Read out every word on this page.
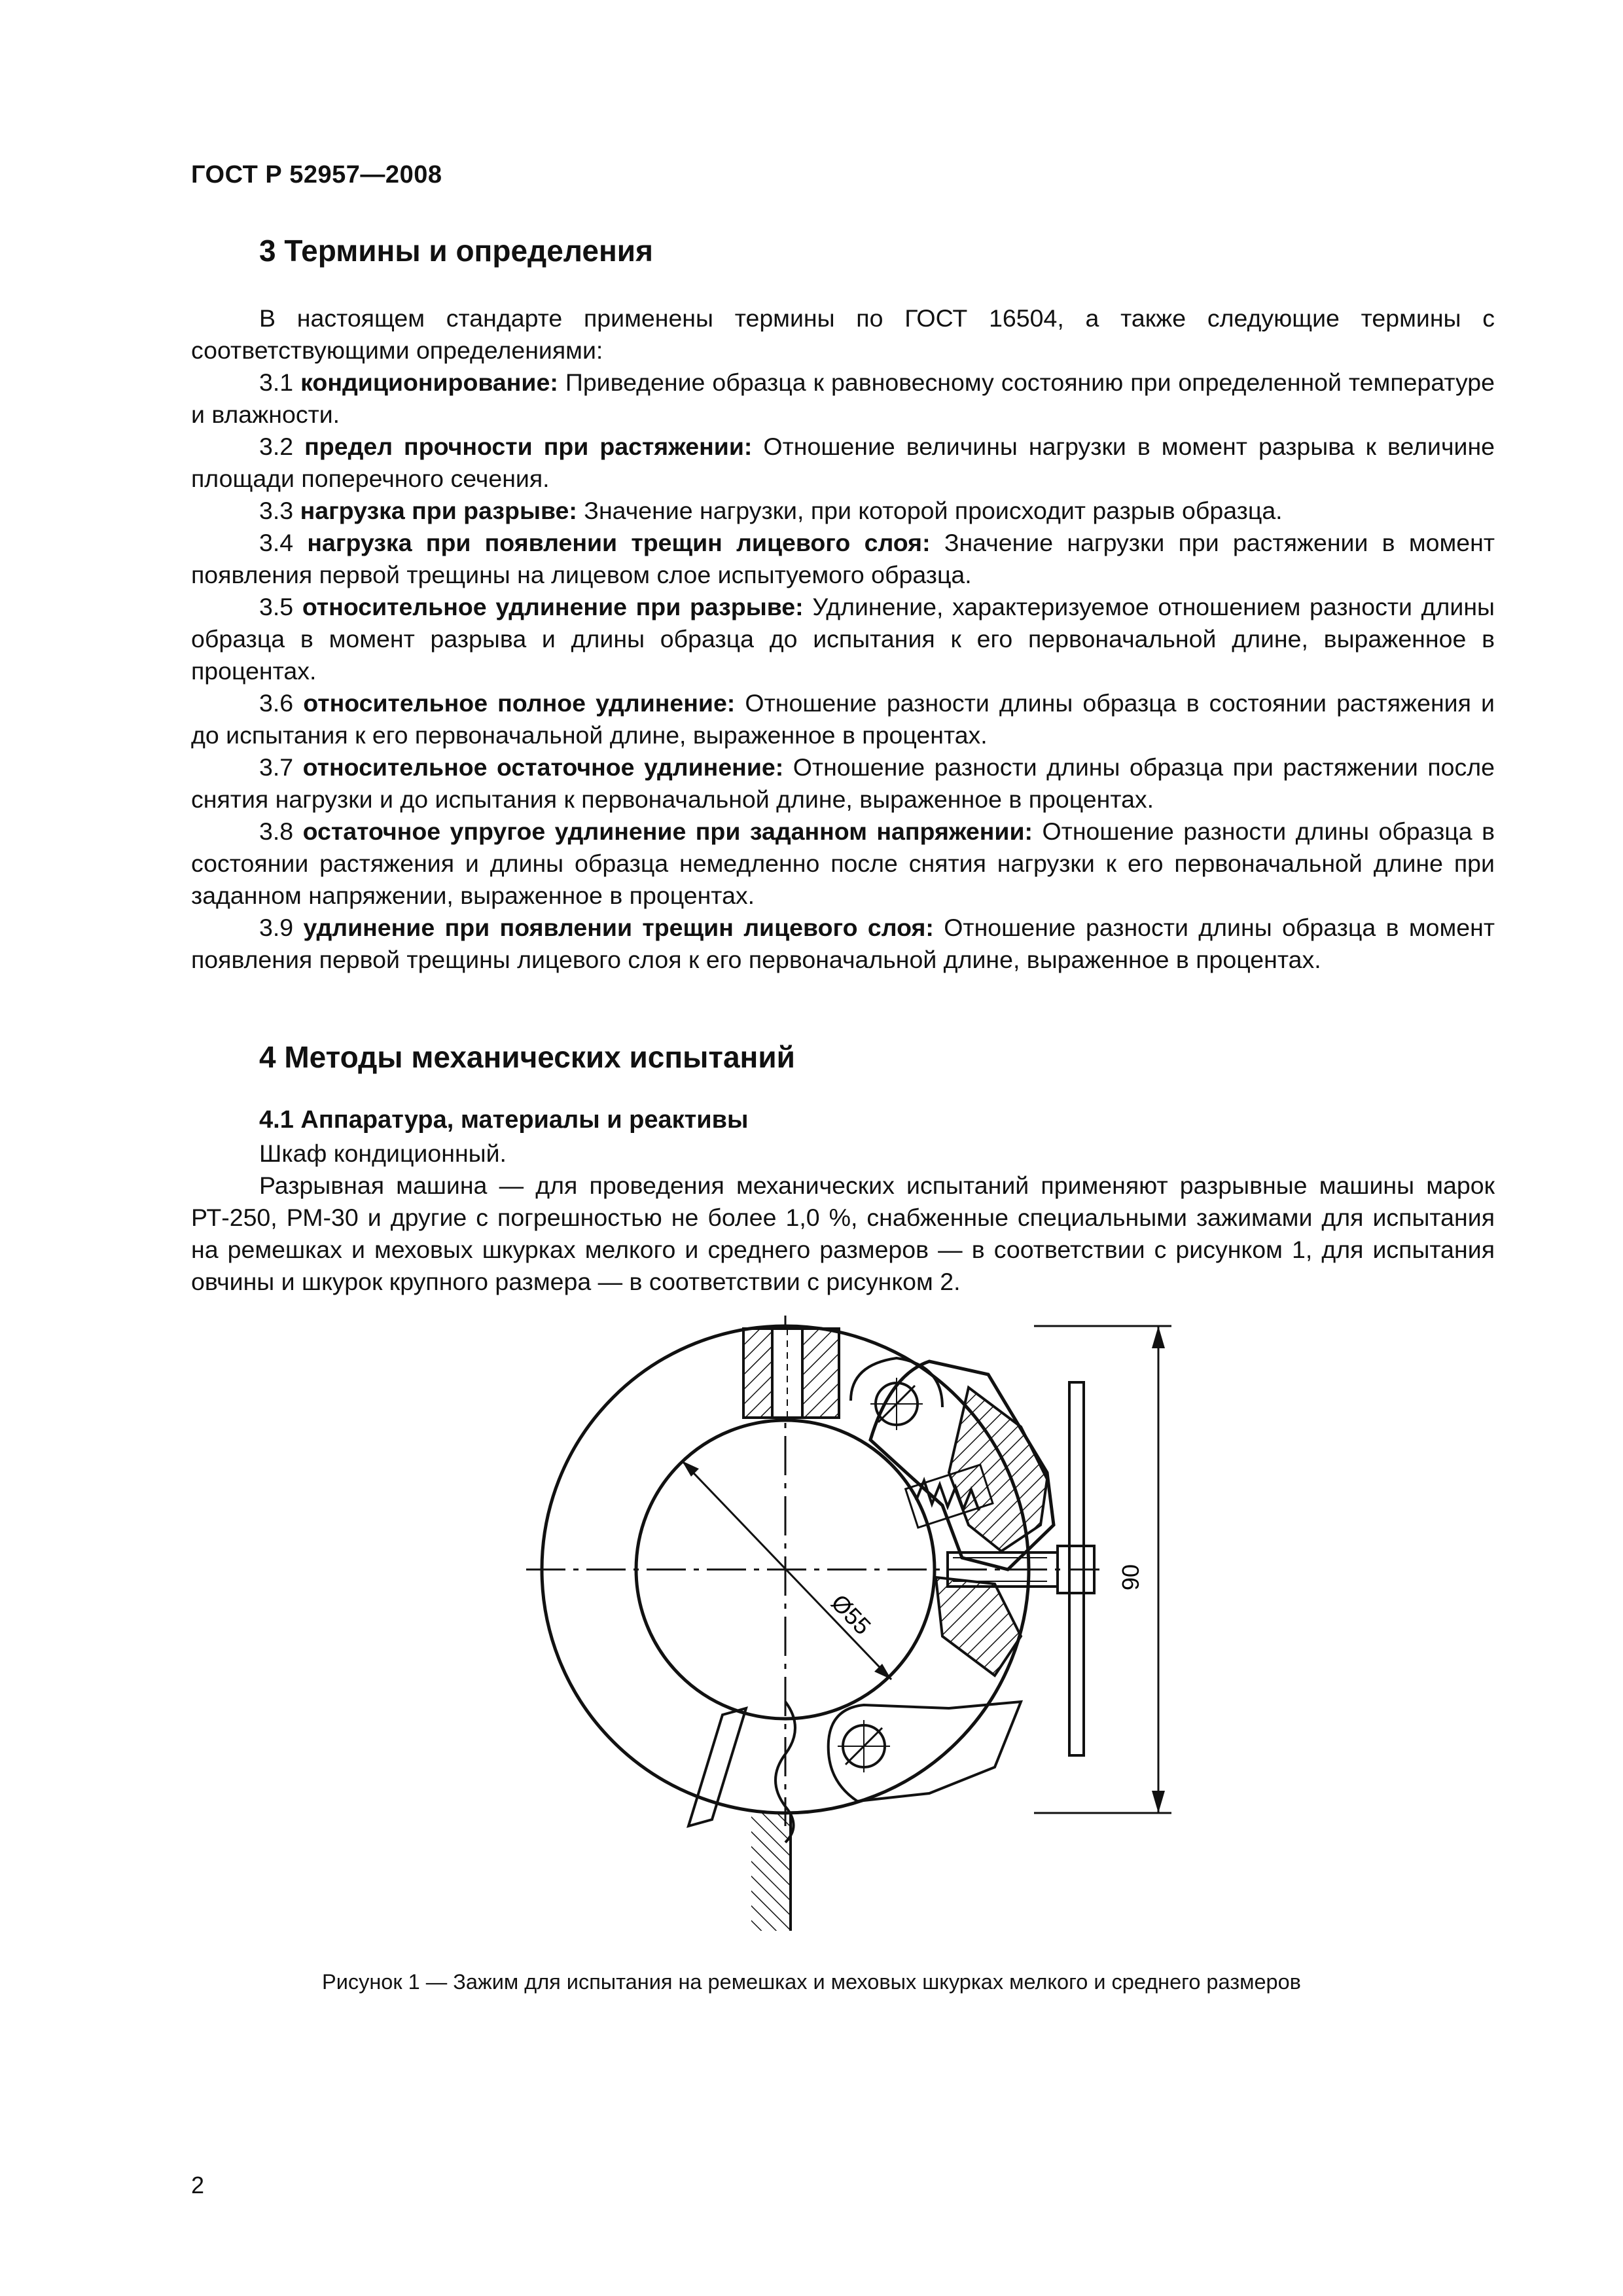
ГОСТ Р 52957—2008
3 Термины и определения

В настоящем стандарте применены термины по ГОСТ 16504, а также следующие термины с соответствующими определениями:

3.1 кондиционирование: Приведение образца к равновесному состоянию при определенной температуре и влажности.

3.2 предел прочности при растяжении: Отношение величины нагрузки в момент разрыва к величине площади поперечного сечения.

3.3 нагрузка при разрыве: Значение нагрузки, при которой происходит разрыв образца.

3.4 нагрузка при появлении трещин лицевого слоя: Значение нагрузки при растяжении в момент появления первой трещины на лицевом слое испытуемого образца.

3.5 относительное удлинение при разрыве: Удлинение, характеризуемое отношением разности длины образца в момент разрыва и длины образца до испытания к его первоначальной длине, выраженное в процентах.

3.6 относительное полное удлинение: Отношение разности длины образца в состоянии растяжения и до испытания к его первоначальной длине, выраженное в процентах.

3.7 относительное остаточное удлинение: Отношение разности длины образца при растяжении после снятия нагрузки и до испытания к первоначальной длине, выраженное в процентах.

3.8 остаточное упругое удлинение при заданном напряжении: Отношение разности длины образца в состоянии растяжения и длины образца немедленно после снятия нагрузки к его первоначальной длине при заданном напряжении, выраженное в процентах.

3.9 удлинение при появлении трещин лицевого слоя: Отношение разности длины образца в момент появления первой трещины лицевого слоя к его первоначальной длине, выраженное в процентах.

4 Методы механических испытаний
4.1 Аппаратура, материалы и реактивы

Шкаф кондиционный.

Разрывная машина — для проведения механических испытаний применяют разрывные машины марок РТ-250, РМ-30 и другие с погрешностью не более 1,0 %, снабженные специальными зажимами для испытания на ремешках и меховых шкурках мелкого и среднего размеров — в соответствии с рисунком 1, для испытания овчины и шкурок крупного размера — в соответствии с рисунком 2.

Ø55
90
Рисунок 1 — Зажим для испытания на ремешках и меховых шкурках мелкого и среднего размеров
2
